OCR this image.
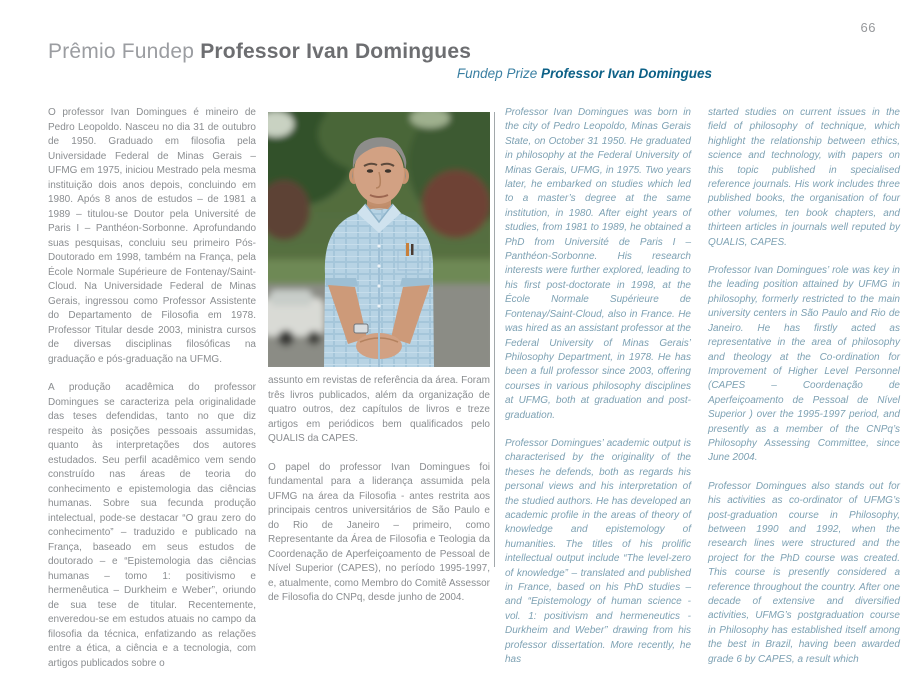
66
Prêmio Fundep Professor Ivan Domingues
Fundep Prize Professor Ivan Domingues

O professor Ivan Domingues é mineiro de Pedro Leopoldo. Nasceu no dia 31 de outubro de 1950. Graduado em filosofia pela Universidade Federal de Minas Gerais – UFMG em 1975, iniciou Mestrado pela mesma instituição dois anos depois, concluindo em 1980. Após 8 anos de estudos – de 1981 a 1989 – titulou-se Doutor pela Université de Paris I – Panthéon-Sorbonne. Aprofundando suas pesquisas, concluiu seu primeiro Pós-Doutorado em 1998, também na França, pela École Normale Supérieure de Fontenay/Saint-Cloud. Na Universidade Federal de Minas Gerais, ingressou como Professor Assistente do Departamento de Filosofia em 1978. Professor Titular desde 2003, ministra cursos de diversas disciplinas filosóficas na graduação e pós-graduação na UFMG.

A produção acadêmica do professor Domingues se caracteriza pela originalidade das teses defendidas, tanto no que diz respeito às posições pessoais assumidas, quanto às interpretações dos autores estudados. Seu perfil acadêmico vem sendo construído nas áreas de teoria do conhecimento e epistemologia das ciências humanas. Sobre sua fecunda produção intelectual, pode-se destacar “O grau zero do conhecimento” – traduzido e publicado na França, baseado em seus estudos de doutorado – e “Epistemologia das ciências humanas – tomo 1: positivismo e hermenêutica – Durkheim e Weber”, oriundo de sua tese de titular. Recentemente, enveredou-se em estudos atuais no campo da filosofia da técnica, enfatizando as relações entre a ética, a ciência e a tecnologia, com artigos publicados sobre o

assunto em revistas de referência da área. Foram três livros publicados, além da organização de quatro outros, dez capítulos de livros e treze artigos em periódicos bem qualificados pelo QUALIS da CAPES.

O papel do professor Ivan Domingues foi fundamental para a liderança assumida pela UFMG na área da Filosofia - antes restrita aos principais centros universitários de São Paulo e do Rio de Janeiro – primeiro, como Representante da Área de Filosofia e Teologia da Coordenação de Aperfeiçoamento de Pessoal de Nível Superior (CAPES), no período 1995-1997, e, atualmente, como Membro do Comitê Assessor de Filosofia do CNPq, desde junho de 2004.

Professor Ivan Domingues was born in the city of Pedro Leopoldo, Minas Gerais State, on October 31 1950. He graduated in philosophy at the Federal University of Minas Gerais, UFMG, in 1975. Two years later, he embarked on studies which led to a master’s degree at the same institution, in 1980. After eight years of studies, from 1981 to 1989, he obtained a PhD from Université de Paris I – Panthéon-Sorbonne. His research interests were further explored, leading to his first post-doctorate in 1998, at the École Normale Supérieure de Fontenay/Saint-Cloud, also in France. He was hired as an assistant professor at the Federal University of Minas Gerais’ Philosophy Department, in 1978. He has been a full professor since 2003, offering courses in various philosophy disciplines at UFMG, both at graduation and post-graduation.

Professor Domingues’ academic output is characterised by the originality of the theses he defends, both as regards his personal views and his interpretation of the studied authors. He has developed an academic profile in the areas of theory of knowledge and epistemology of humanities. The titles of his prolific intellectual output include “The level-zero of knowledge” – translated and published in France, based on his PhD studies – and “Epistemology of human science - vol. 1: positivism and hermeneutics - Durkheim and Weber” drawing from his professor dissertation. More recently, he has

started studies on current issues in the field of philosophy of technique, which highlight the relationship between ethics, science and technology, with papers on this topic published in specialised reference journals. His work includes three published books, the organisation of four other volumes, ten book chapters, and thirteen articles in journals well reputed by QUALIS, CAPES.

Professor Ivan Domingues’ role was key in the leading position attained by UFMG in philosophy, formerly restricted to the main university centers in São Paulo and Rio de Janeiro. He has firstly acted as representative in the area of philosophy and theology at the Co-ordination for Improvement of Higher Level Personnel (CAPES – Coordenação de Aperfeiçoamento de Pessoal de Nível Superior ) over the 1995-1997 period, and presently as a member of the CNPq’s Philosophy Assessing Committee, since June 2004.

Professor Domingues also stands out for his activities as co-ordinator of UFMG’s post-graduation course in Philosophy, between 1990 and 1992, when the research lines were structured and the project for the PhD course was created. This course is presently considered a reference throughout the country. After one decade of extensive and diversified activities, UFMG’s postgraduation course in Philosophy has established itself among the best in Brazil, having been awarded grade 6 by CAPES, a result which
